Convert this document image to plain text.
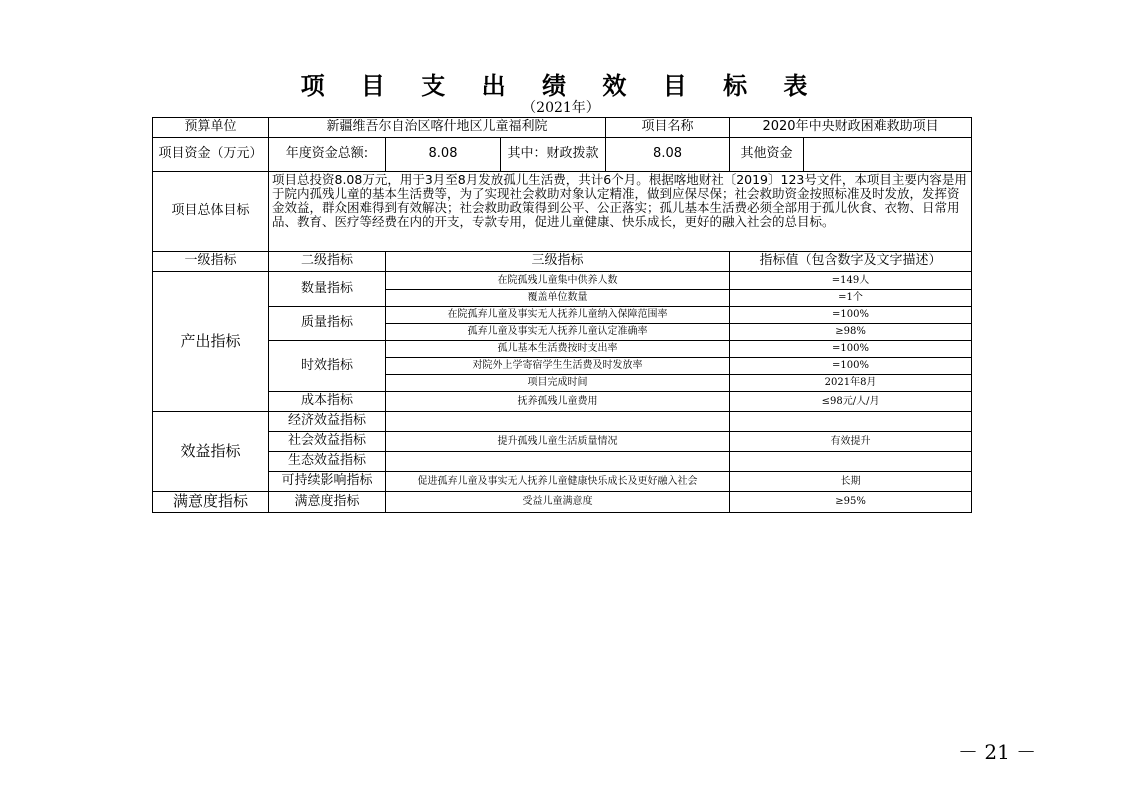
项 目 支 出 绩 效 目 标 表
（2021年）
预算单位	新疆维吾尔自治区喀什地区儿童福利院			项目名称	2020年中央财政困难救助项目	
项目资金（万元）	年度资金总额:	8.08	其中：财政拨款	8.08	其他资金	
项目总体目标	项目总投资8.08万元，用于3月至8月发放孤儿生活费，共计6个月。根据喀地财社〔2019〕123号文件，本项目主要内容是用于院内孤残儿童的基本生活费等，为了实现社会救助对象认定精准，做到应保尽保；社会救助资金按照标准及时发放，发挥资金效益，群众困难得到有效解决；社会救助政策得到公平、公正落实；孤儿基本生活费必须全部用于孤儿伙食、衣物、日常用品、教育、医疗等经费在内的开支，专款专用，促进儿童健康、快乐成长，更好的融入社会的总目标。					
一级指标	二级指标	三级指标			指标值（包含数字及文字描述）	
产出指标	数量指标	在院孤残儿童集中供养人数			=149人	
		覆盖单位数量			=1个	
	质量指标	在院孤弃儿童及事实无人抚养儿童纳入保障范围率			=100%	
		孤弃儿童及事实无人抚养儿童认定准确率			≥98%	
	时效指标	孤儿基本生活费按时支出率			=100%	
		对院外上学寄宿学生生活费及时发放率			=100%	
		项目完成时间			2021年8月	
	成本指标	抚养孤残儿童费用			≤98元/人/月	
效益指标	经济效益指标					
	社会效益指标	提升孤残儿童生活质量情况			有效提升	
	生态效益指标					
	可持续影响指标	促进孤弃儿童及事实无人抚养儿童健康快乐成长及更好融入社会			长期	
满意度指标	满意度指标	受益儿童满意度			≥95%	
－ 21 －
